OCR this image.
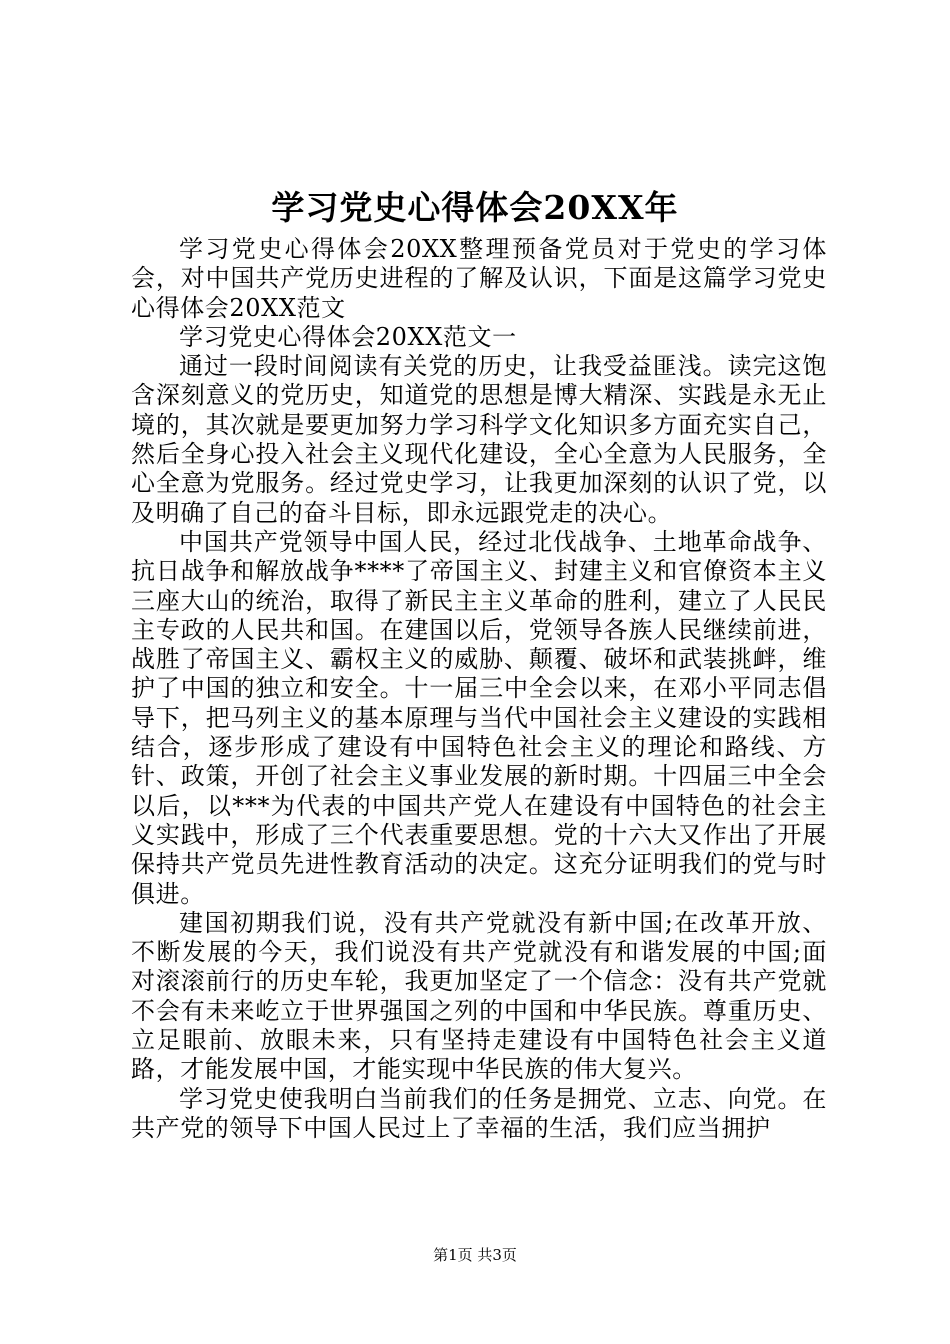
学习党史心得体会20XX年

学习党史心得体会20XX整理预备党员对于党史的学习体会，对中国共产党历史进程的了解及认识，下面是这篇学习党史心得体会20XX范文

学习党史心得体会20XX范文一

通过一段时间阅读有关党的历史，让我受益匪浅。读完这饱含深刻意义的党历史，知道党的思想是博大精深、实践是永无止境的，其次就是要更加努力学习科学文化知识多方面充实自己，然后全身心投入社会主义现代化建设，全心全意为人民服务，全心全意为党服务。经过党史学习，让我更加深刻的认识了党，以及明确了自己的奋斗目标，即永远跟党走的决心。

中国共产党领导中国人民，经过北伐战争、土地革命战争、抗日战争和解放战争****了帝国主义、封建主义和官僚资本主义三座大山的统治，取得了新民主主义革命的胜利，建立了人民民主专政的人民共和国。在建国以后，党领导各族人民继续前进，战胜了帝国主义、霸权主义的威胁、颠覆、破坏和武装挑衅，维护了中国的独立和安全。十一届三中全会以来，在邓小平同志倡导下，把马列主义的基本原理与当代中国社会主义建设的实践相结合，逐步形成了建设有中国特色社会主义的理论和路线、方针、政策，开创了社会主义事业发展的新时期。十四届三中全会以后，以***为代表的中国共产党人在建设有中国特色的社会主义实践中，形成了三个代表重要思想。党的十六大又作出了开展保持共产党员先进性教育活动的决定。这充分证明我们的党与时俱进。

建国初期我们说，没有共产党就没有新中国;在改革开放、不断发展的今天，我们说没有共产党就没有和谐发展的中国;面对滚滚前行的历史车轮，我更加坚定了一个信念：没有共产党就不会有未来屹立于世界强国之列的中国和中华民族。尊重历史、立足眼前、放眼未来，只有坚持走建设有中国特色社会主义道路，才能发展中国，才能实现中华民族的伟大复兴。

学习党史使我明白当前我们的任务是拥党、立志、向党。在共产党的领导下中国人民过上了幸福的生活，我们应当拥护

第1页 共3页
